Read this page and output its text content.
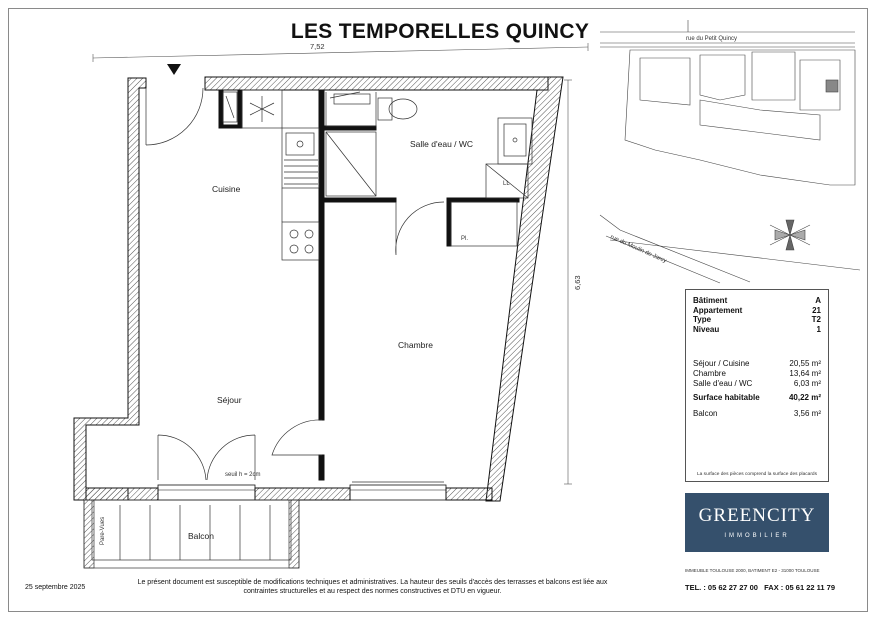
LES TEMPORELLES QUINCY
7,52
6,63
Cuisine
Séjour
Chambre
Salle d'eau / WC
Balcon
LL
Pl.
seuil h = 2cm
Pare-Vues
rue du Petit Quincy
rue du Moulin de Jarcy
Bâtiment	A
Appartement	21
Type	T2
Niveau	1
Séjour / Cuisine	20,55 m²
Chambre	13,64 m²
Salle d'eau / WC	6,03 m²
Surface habitable	40,22 m²
Balcon	3,56 m²
La surface des pièces comprend la surface des placards
GREENCITY
IMMOBILIER
IMMEUBLE TOULOUSE 2000, BATIMENT E2 - 31000 TOULOUSE
TEL. : 05 62 27 27 00 FAX : 05 61 22 11 79
25 septembre 2025
Le présent document est susceptible de modifications techniques et administratives. La hauteur des seuils d'accès des terrasses et balcons est liée aux contraintes structurelles et au respect des normes constructives et DTU en vigueur.
